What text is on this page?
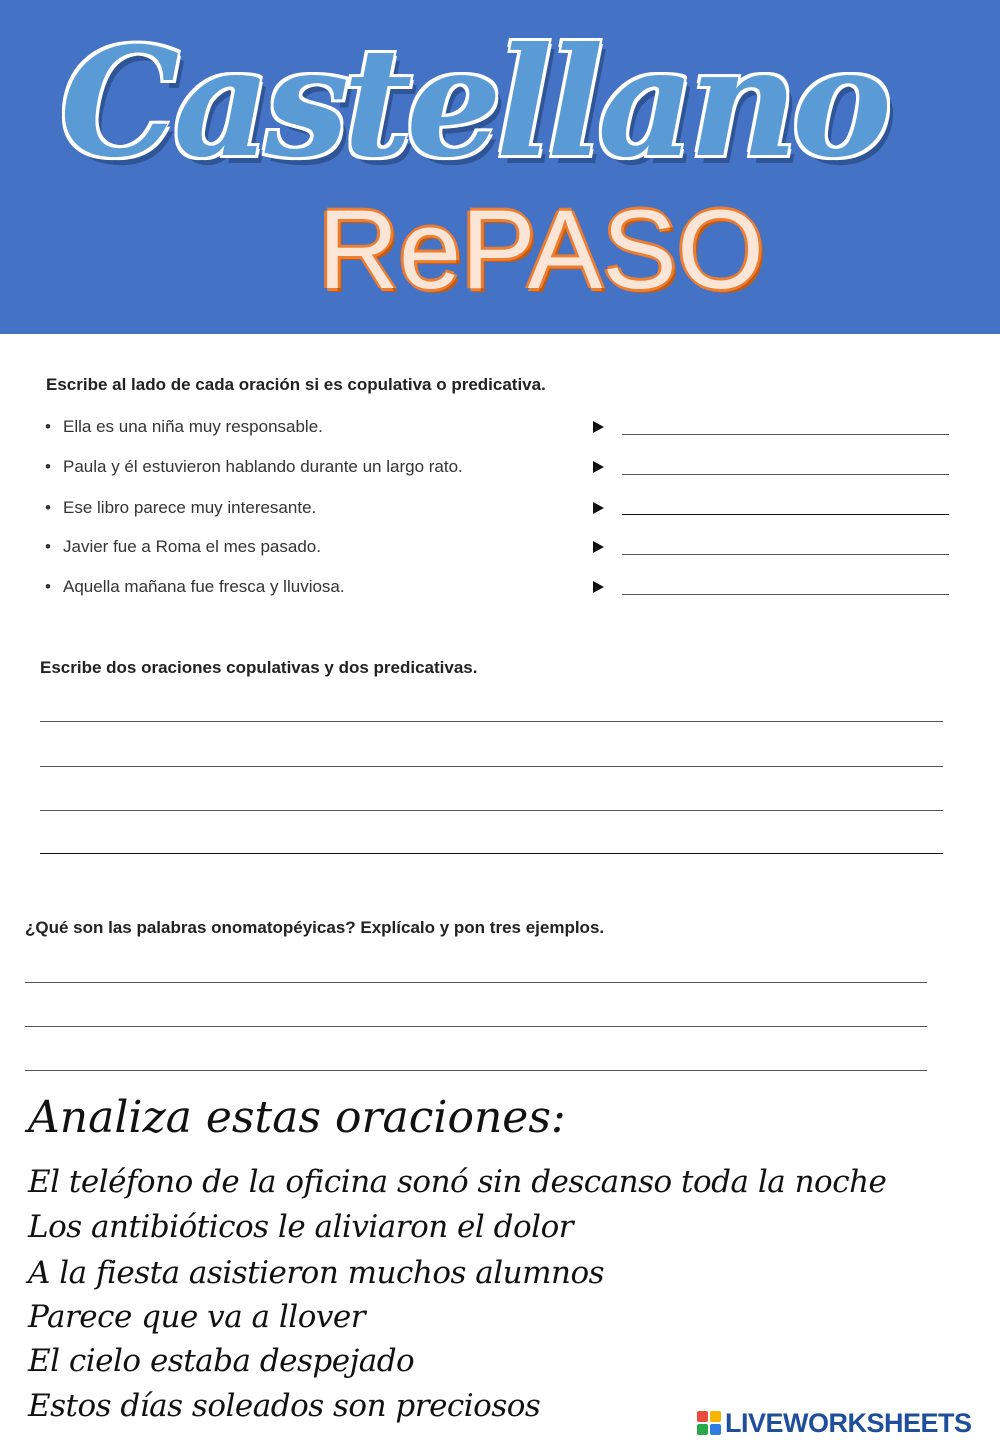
Castellano
RePASO
Escribe al lado de cada oración si es copulativa o predicativa.
• Ella es una niña muy responsable.
• Paula y él estuvieron hablando durante un largo rato.
• Ese libro parece muy interesante.
• Javier fue a Roma el mes pasado.
• Aquella mañana fue fresca y lluviosa.
Escribe dos oraciones copulativas y dos predicativas.
¿Qué son las palabras onomatopéyicas? Explícalo y pon tres ejemplos.
Analiza estas oraciones:
El teléfono de la oficina sonó sin descanso toda la noche
Los antibióticos le aliviaron el dolor
A la fiesta asistieron muchos alumnos
Parece que va a llover
El cielo estaba despejado
Estos días soleados son preciosos	LIVEWORKSHEETS
